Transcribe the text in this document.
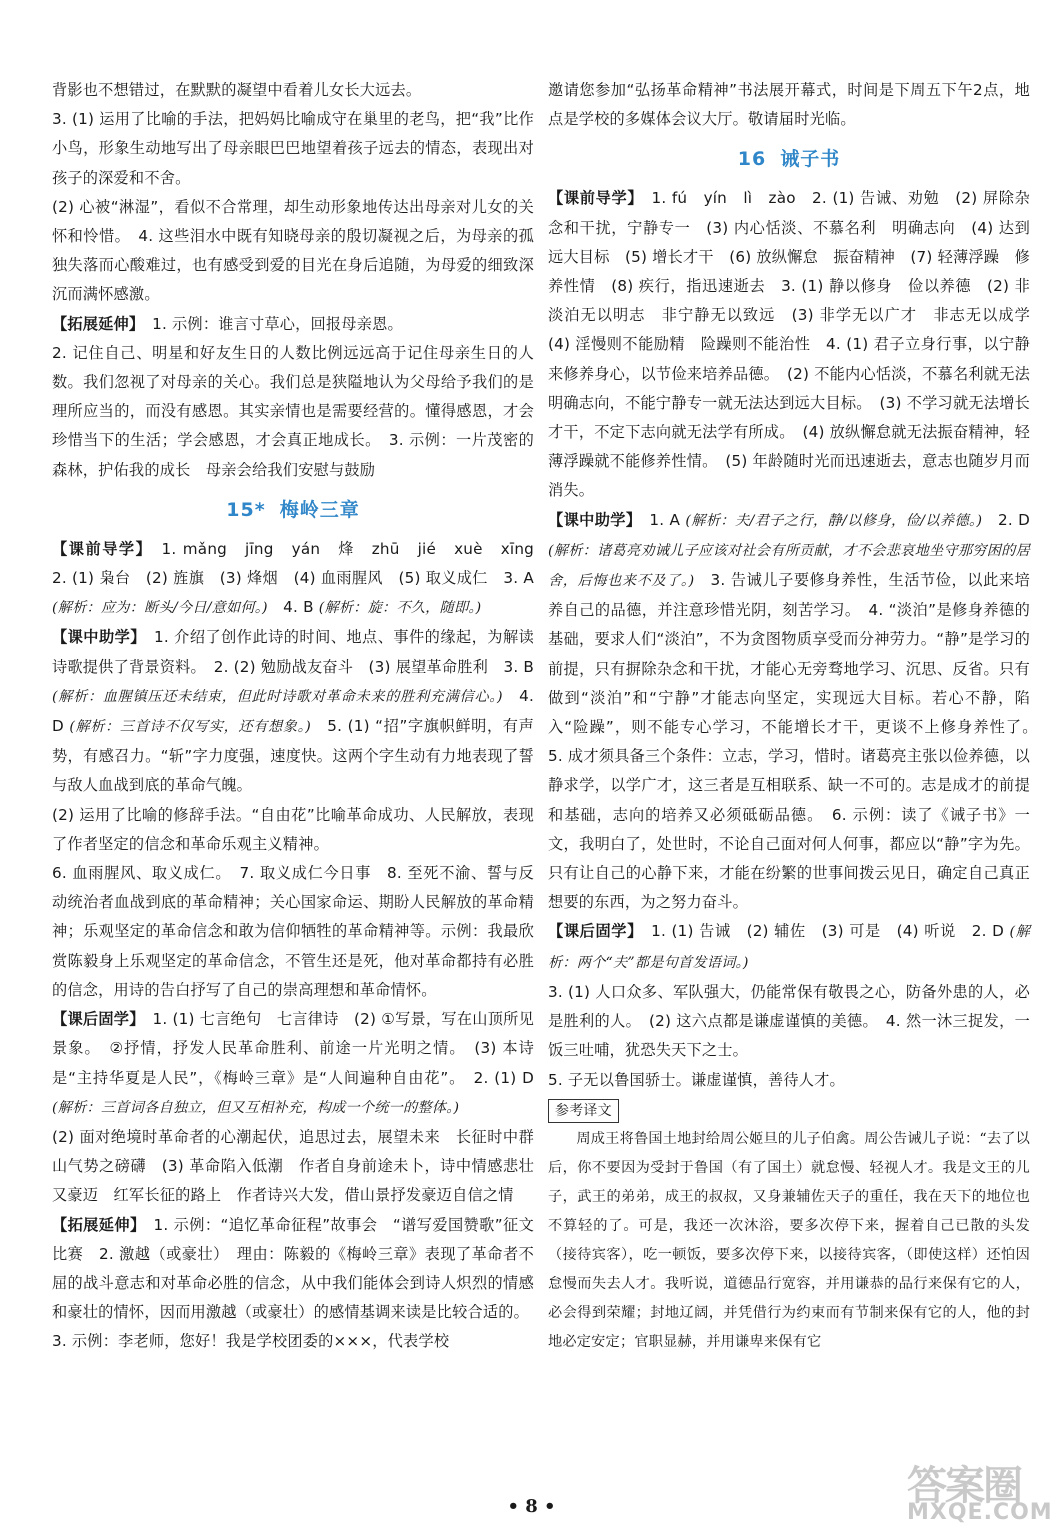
背影也不想错过，在默默的凝望中看着儿女长大远去。

3. (1) 运用了比喻的手法，把妈妈比喻成守在巢里的老鸟，把“我”比作小鸟，形象生动地写出了母亲眼巴巴地望着孩子远去的情态，表现出对孩子的深爱和不舍。

(2) 心被“淋湿”，看似不合常理，却生动形象地传达出母亲对儿女的关怀和怜惜。　4. 这些泪水中既有知晓母亲的殷切凝视之后，为母亲的孤独失落而心酸难过，也有感受到爱的目光在身后追随，为母爱的细致深沉而满怀感激。

【拓展延伸】　1. 示例：谁言寸草心，回报母亲恩。

2. 记住自己、明星和好友生日的人数比例远远高于记住母亲生日的人数。我们忽视了对母亲的关心。我们总是狭隘地认为父母给予我们的是理所应当的，而没有感恩。其实亲情也是需要经营的。懂得感恩，才会珍惜当下的生活；学会感恩，才会真正地成长。　3. 示例：一片茂密的森林，护佑我的成长　母亲会给我们安慰与鼓励

15* 梅岭三章

【课前导学】　1. mǎng　jīng　yán　烽　zhū　jié　xuè　xīng　2. (1) 枭台　(2) 旌旗　(3) 烽烟　(4) 血雨腥风　(5) 取义成仁　3. A (解析：应为：断头/今日/意如何。)　4. B (解析：旋：不久，随即。)

【课中助学】　1. 介绍了创作此诗的时间、地点、事件的缘起，为解读诗歌提供了背景资料。　2. (2) 勉励战友奋斗　(3) 展望革命胜利　3. B (解析：血腥镇压还未结束，但此时诗歌对革命未来的胜利充满信心。)　4. D (解析：三首诗不仅写实，还有想象。)　5. (1) “招”字旗帜鲜明，有声势，有感召力。“斩”字力度强，速度快。这两个字生动有力地表现了誓与敌人血战到底的革命气魄。

(2) 运用了比喻的修辞手法。“自由花”比喻革命成功、人民解放，表现了作者坚定的信念和革命乐观主义精神。

6. 血雨腥风、取义成仁。　7. 取义成仁今日事　8. 至死不渝、誓与反动统治者血战到底的革命精神；关心国家命运、期盼人民解放的革命精神；乐观坚定的革命信念和敢为信仰牺牲的革命精神等。示例：我最欣赏陈毅身上乐观坚定的革命信念，不管生还是死，他对革命都持有必胜的信念，用诗的告白抒写了自己的崇高理想和革命情怀。

【课后固学】　1. (1) 七言绝句　七言律诗　(2) ①写景，写在山顶所见景象。　②抒情，抒发人民革命胜利、前途一片光明之情。　(3) 本诗是“主持华夏是人民”，《梅岭三章》是“人间遍种自由花”。　2. (1) D (解析：三首词各自独立，但又互相补充，构成一个统一的整体。)

(2) 面对绝境时革命者的心潮起伏，追思过去，展望未来　长征时中群山气势之磅礴　(3) 革命陷入低潮　作者自身前途未卜，诗中情感悲壮又豪迈　红军长征的路上　作者诗兴大发，借山景抒发豪迈自信之情

【拓展延伸】　1. 示例：“追忆革命征程”故事会　“谱写爱国赞歌”征文比赛　2. 激越（或豪壮）　理由：陈毅的《梅岭三章》表现了革命者不屈的战斗意志和对革命必胜的信念，从中我们能体会到诗人炽烈的情感和豪壮的情怀，因而用激越（或豪壮）的感情基调来读是比较合适的。

3. 示例：李老师，您好！我是学校团委的×××，代表学校

邀请您参加“弘扬革命精神”书法展开幕式，时间是下周五下午2点，地点是学校的多媒体会议大厅。敬请届时光临。

16 诫子书

【课前导学】　1. fú　yín　lì　zào　2. (1) 告诫、劝勉　(2) 屏除杂念和干扰，宁静专一　(3) 内心恬淡、不慕名利　明确志向　(4) 达到远大目标　(5) 增长才干　(6) 放纵懈怠　振奋精神　(7) 轻薄浮躁　修养性情　(8) 疾行，指迅速逝去　3. (1) 静以修身　俭以养德　(2) 非淡泊无以明志　非宁静无以致远　(3) 非学无以广才　非志无以成学　(4) 淫慢则不能励精　险躁则不能治性　4. (1) 君子立身行事，以宁静来修养身心，以节俭来培养品德。　(2) 不能内心恬淡，不慕名利就无法明确志向，不能宁静专一就无法达到远大目标。　(3) 不学习就无法增长才干，不定下志向就无法学有所成。　(4) 放纵懈怠就无法振奋精神，轻薄浮躁就不能修养性情。　(5) 年龄随时光而迅速逝去，意志也随岁月而消失。

【课中助学】　1. A (解析：夫/君子之行，静/以修身，俭/以养德。)　2. D (解析：诸葛亮劝诫儿子应该对社会有所贡献，才不会悲哀地坐守那穷困的居舍，后悔也来不及了。)　3. 告诫儿子要修身养性，生活节俭，以此来培养自己的品德，并注意珍惜光阴，刻苦学习。　4. “淡泊”是修身养德的基础，要求人们“淡泊”，不为贪图物质享受而分神劳力。“静”是学习的前提，只有摒除杂念和干扰，才能心无旁骛地学习、沉思、反省。只有做到“淡泊”和“宁静”才能志向坚定，实现远大目标。若心不静，陷入“险躁”，则不能专心学习，不能增长才干，更谈不上修身养性了。　5. 成才须具备三个条件：立志，学习，惜时。诸葛亮主张以俭养德，以静求学，以学广才，这三者是互相联系、缺一不可的。志是成才的前提和基础，志向的培养又必须砥砺品德。　6. 示例：读了《诫子书》一文，我明白了，处世时，不论自己面对何人何事，都应以“静”字为先。只有让自己的心静下来，才能在纷繁的世事间拨云见日，确定自己真正想要的东西，为之努力奋斗。

【课后固学】　1. (1) 告诫　(2) 辅佐　(3) 可是　(4) 听说　2. D (解析：两个“夫”都是句首发语词。)

3. (1) 人口众多、军队强大，仍能常保有敬畏之心，防备外患的人，必是胜利的人。　(2) 这六点都是谦虚谨慎的美德。　4. 然一沐三捉发，一饭三吐哺，犹恐失天下之士。

5. 子无以鲁国骄士。谦虚谨慎，善待人才。

参考译文

周成王将鲁国土地封给周公姬旦的儿子伯禽。周公告诫儿子说：“去了以后，你不要因为受封于鲁国（有了国土）就怠慢、轻视人才。我是文王的儿子，武王的弟弟，成王的叔叔，又身兼辅佐天子的重任，我在天下的地位也不算轻的了。可是，我还一次沐浴，要多次停下来，握着自己已散的头发（接待宾客），吃一顿饭，要多次停下来，以接待宾客，（即使这样）还怕因怠慢而失去人才。我听说，道德品行宽容，并用谦恭的品行来保有它的人，必会得到荣耀；封地辽阔，并凭借行为约束而有节制来保有它的人，他的封地必定安定；官职显赫，并用谦卑来保有它

• 8 •	答案圈
MXQE.COM
